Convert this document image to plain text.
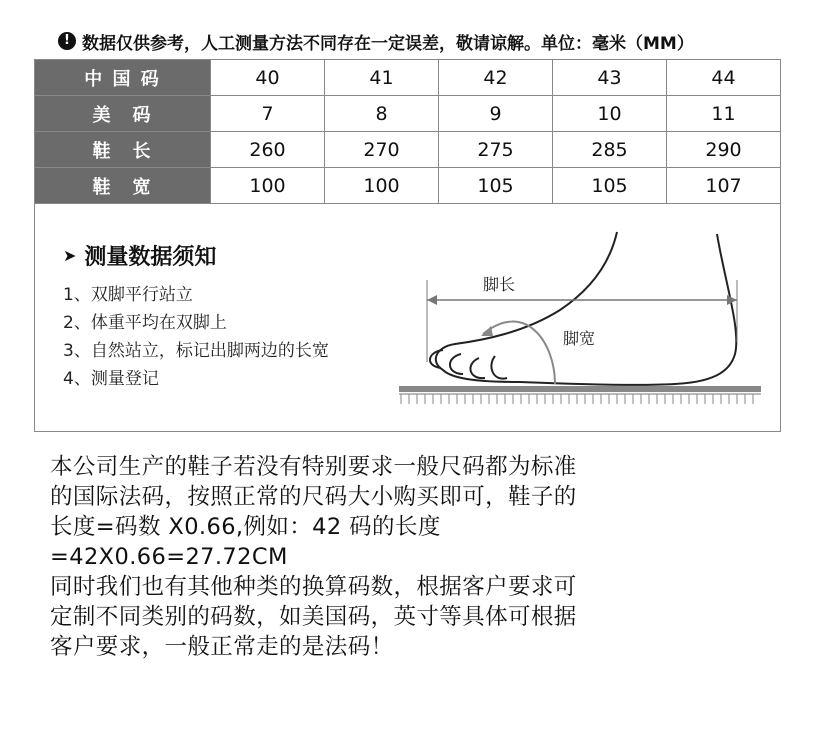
! 数据仅供参考，人工测量方法不同存在一定误差，敬请谅解。单位：毫米（MM）
中 国 码	40	41	42	43	44
美　码	7	8	9	10	11
鞋　长	260	270	275	285	290
鞋　宽	100	100	105	105	107
➤ 测量数据须知
1、双脚平行站立
2、体重平均在双脚上
3、自然站立，标记出脚两边的长宽
4、测量登记
脚长
脚宽

本公司生产的鞋子若没有特别要求一般尺码都为标准

的国际法码，按照正常的尺码大小购买即可，鞋子的

长度=码数 X0.66,例如：42 码的长度

=42X0.66=27.72CM

同时我们也有其他种类的换算码数，根据客户要求可

定制不同类别的码数，如美国码，英寸等具体可根据

客户要求，一般正常走的是法码！
